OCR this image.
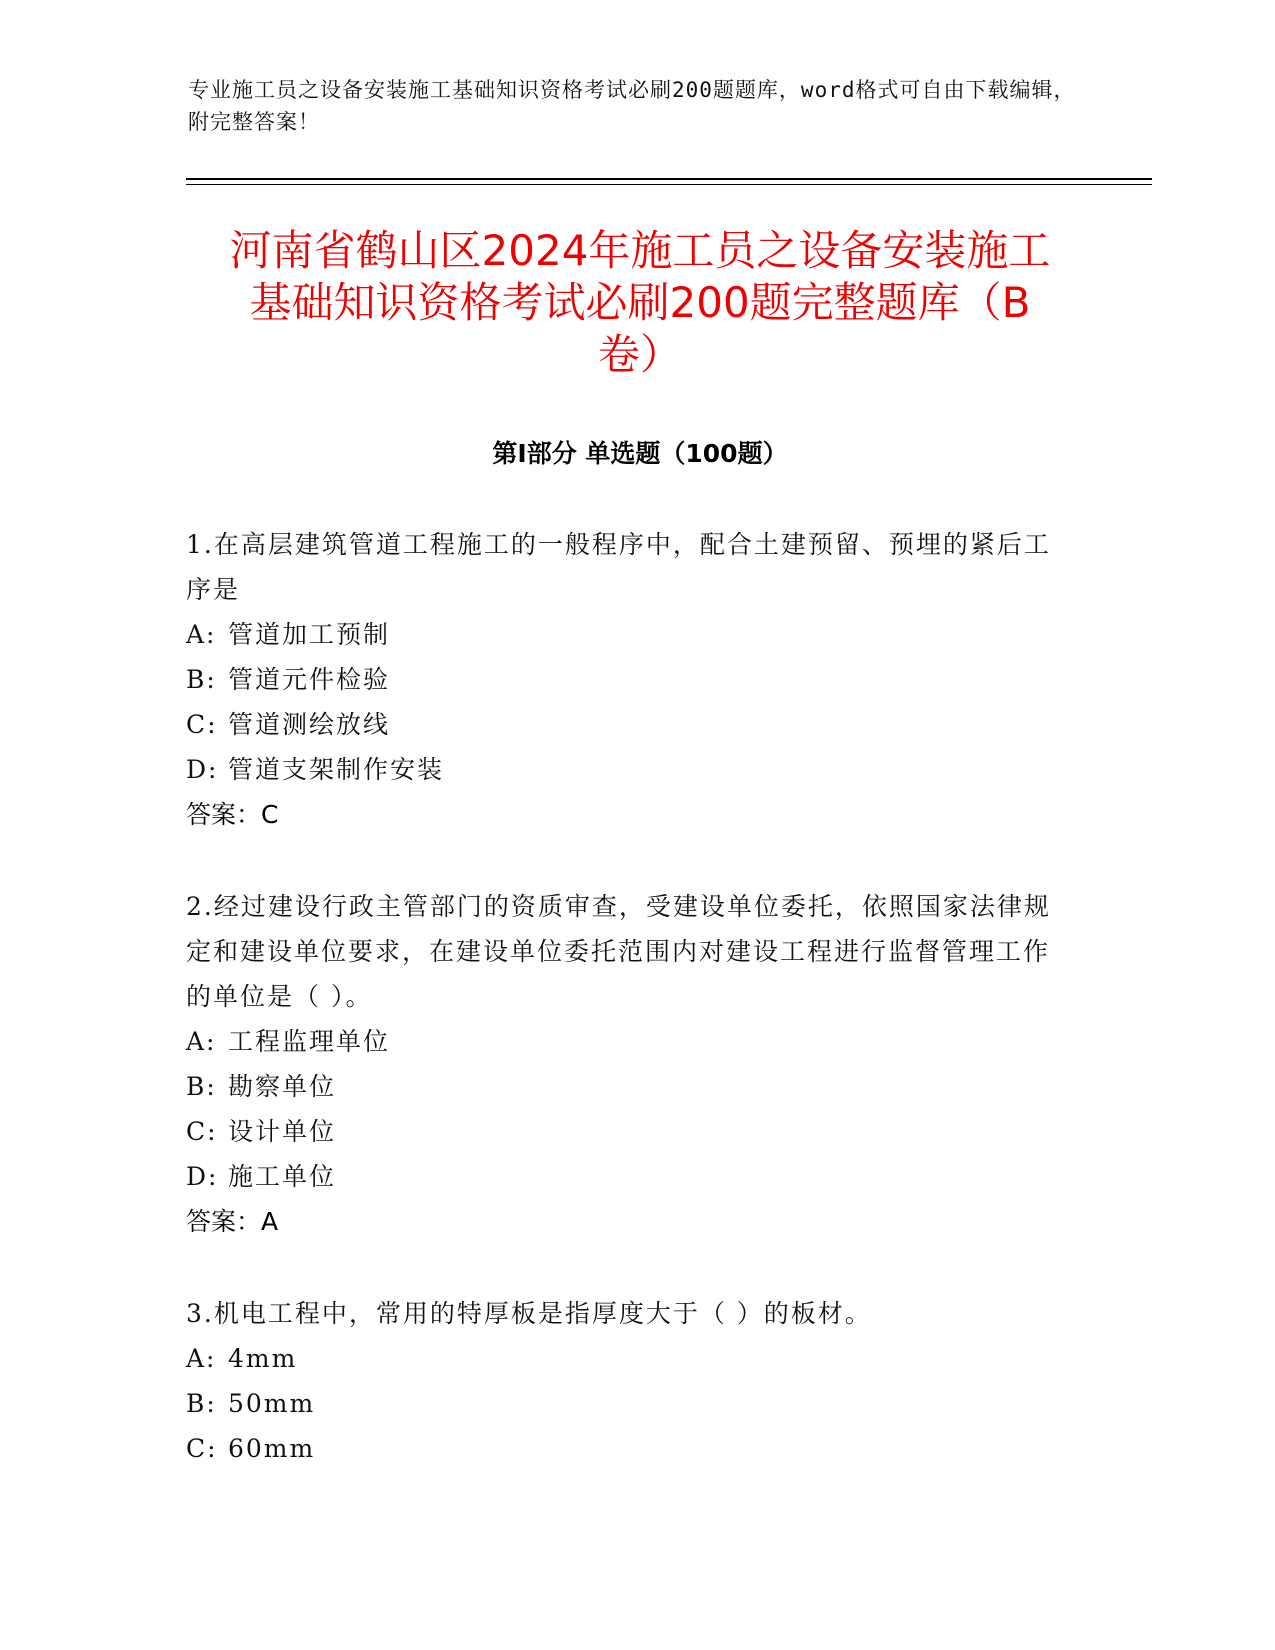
专业施工员之设备安装施工基础知识资格考试必刷200题题库，word格式可自由下载编辑，附完整答案！
河南省鹤山区2024年施工员之设备安装施工
基础知识资格考试必刷200题完整题库（B
卷）
第Ⅰ部分 单选题（100题）
1.在高层建筑管道工程施工的一般程序中，配合土建预留、预埋的紧后工序是
A: 管道加工预制
B: 管道元件检验
C: 管道测绘放线
D: 管道支架制作安装
答案：C
2.经过建设行政主管部门的资质审查，受建设单位委托，依照国家法律规定和建设单位要求，在建设单位委托范围内对建设工程进行监督管理工作的单位是（ ）。
A: 工程监理单位
B: 勘察单位
C: 设计单位
D: 施工单位
答案：A
3.机电工程中，常用的特厚板是指厚度大于（ ）的板材。
A: 4mm
B: 50mm
C: 60mm
